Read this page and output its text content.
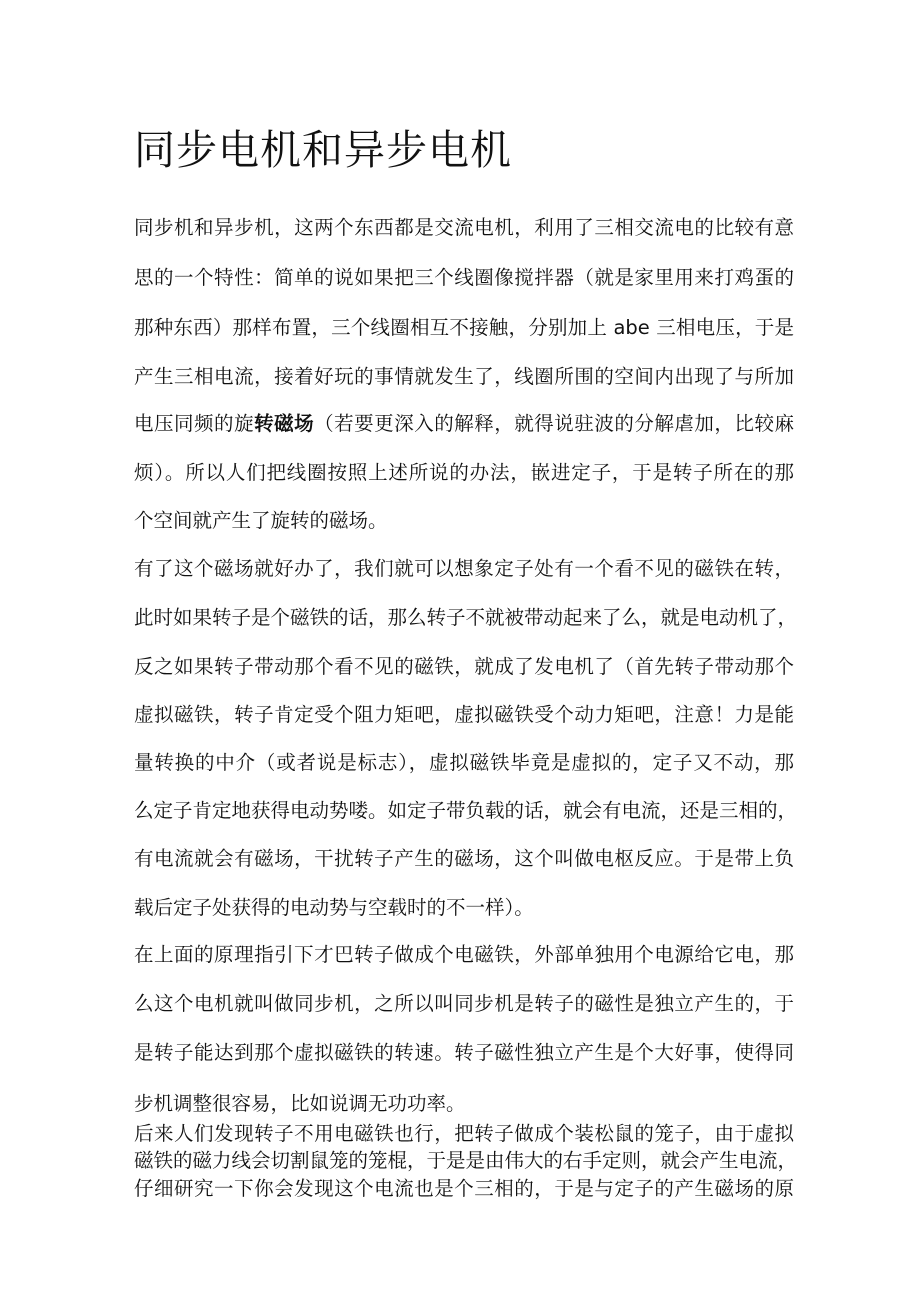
同步电机和异步电机
同步机和异步机，这两个东西都是交流电机，利用了三相交流电的比较有意
思的一个特性：简单的说如果把三个线圈像搅拌器（就是家里用来打鸡蛋的
那种东西）那样布置，三个线圈相互不接触，分别加上 abe 三相电压，于是
产生三相电流，接着好玩的事情就发生了，线圈所围的空间内出现了与所加
电压同频的旋转磁场（若要更深入的解释，就得说驻波的分解虐加，比较麻
烦）。所以人们把线圈按照上述所说的办法，嵌进定子，于是转子所在的那
个空间就产生了旋转的磁场。
有了这个磁场就好办了，我们就可以想象定子处有一个看不见的磁铁在转，
此时如果转子是个磁铁的话，那么转子不就被带动起来了么，就是电动机了，
反之如果转子带动那个看不见的磁铁，就成了发电机了（首先转子带动那个
虚拟磁铁，转子肯定受个阻力矩吧，虚拟磁铁受个动力矩吧，注意！力是能
量转换的中介（或者说是标志），虚拟磁铁毕竟是虚拟的，定子又不动，那
么定子肯定地获得电动势喽。如定子带负载的话，就会有电流，还是三相的，
有电流就会有磁场，干扰转子产生的磁场，这个叫做电枢反应。于是带上负
载后定子处获得的电动势与空载时的不一样）。
在上面的原理指引下才巴转子做成个电磁铁，外部单独用个电源给它电，那
么这个电机就叫做同步机，之所以叫同步机是转子的磁性是独立产生的，于
是转子能达到那个虚拟磁铁的转速。转子磁性独立产生是个大好事，使得同
步机调整很容易，比如说调无功功率。
后来人们发现转子不用电磁铁也行，把转子做成个装松鼠的笼子，由于虚拟
磁铁的磁力线会切割鼠笼的笼棍，于是是由伟大的右手定则，就会产生电流，
仔细研究一下你会发现这个电流也是个三相的，于是与定子的产生磁场的原
